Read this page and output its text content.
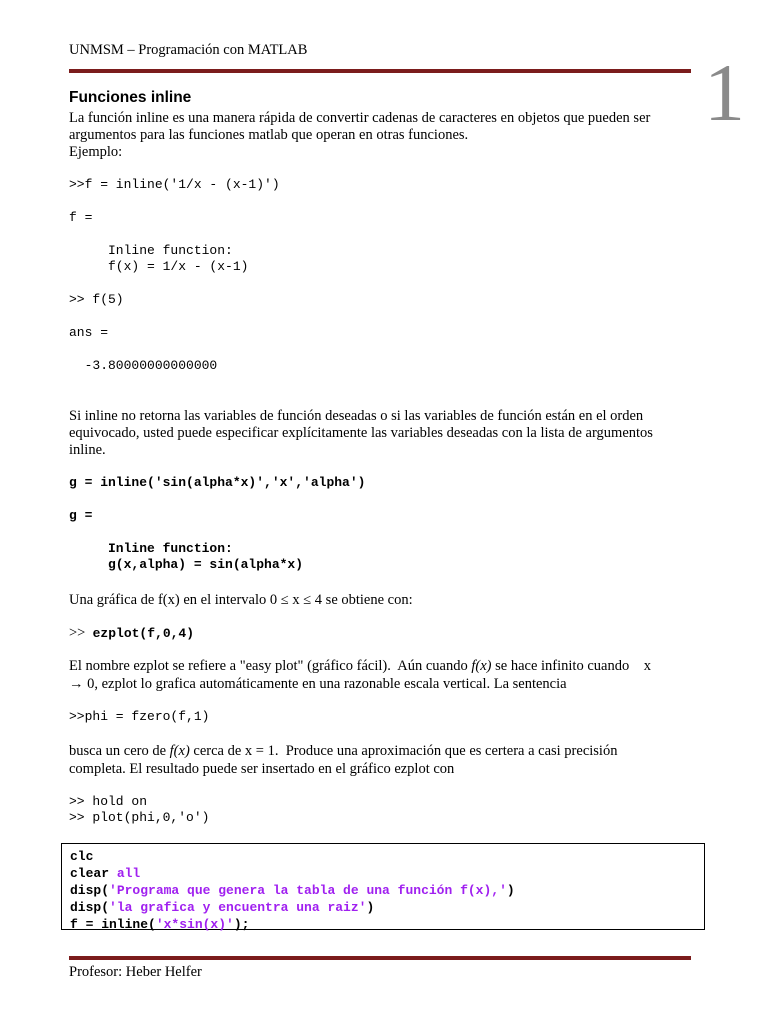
UNMSM – Programación con MATLAB	1
Funciones inline
La función inline es una manera rápida de convertir cadenas de caracteres en objetos que pueden ser
argumentos para las funciones matlab que operan en otras funciones.
Ejemplo:
>>f = inline('1/x - (x-1)')
f =
Inline function:
f(x) = 1/x - (x-1)
>> f(5)
ans =
-3.80000000000000
Si inline no retorna las variables de función deseadas o si las variables de función están en el orden
equivocado, usted puede especificar explícitamente las variables deseadas con la lista de argumentos
inline.
g = inline('sin(alpha*x)','x','alpha')
g =
Inline function:
g(x,alpha) = sin(alpha*x)
Una gráfica de f(x) en el intervalo 0 ≤ x ≤ 4 se obtiene con:
>> ezplot(f,0,4)
El nombre ezplot se refiere a "easy plot" (gráfico fácil).  Aún cuando f(x) se hace infinito cuando    x
→ 0, ezplot lo grafica automáticamente en una razonable escala vertical. La sentencia
>>phi = fzero(f,1)
busca un cero de f(x) cerca de x = 1.  Produce una aproximación que es certera a casi precisión
completa. El resultado puede ser insertado en el gráfico ezplot con
>> hold on
>> plot(phi,0,'o')
clc
clear all
disp('Programa que genera la tabla de una función f(x),')
disp('la grafica y encuentra una raiz')
f = inline('x*sin(x)');
Profesor: Heber Helfer
